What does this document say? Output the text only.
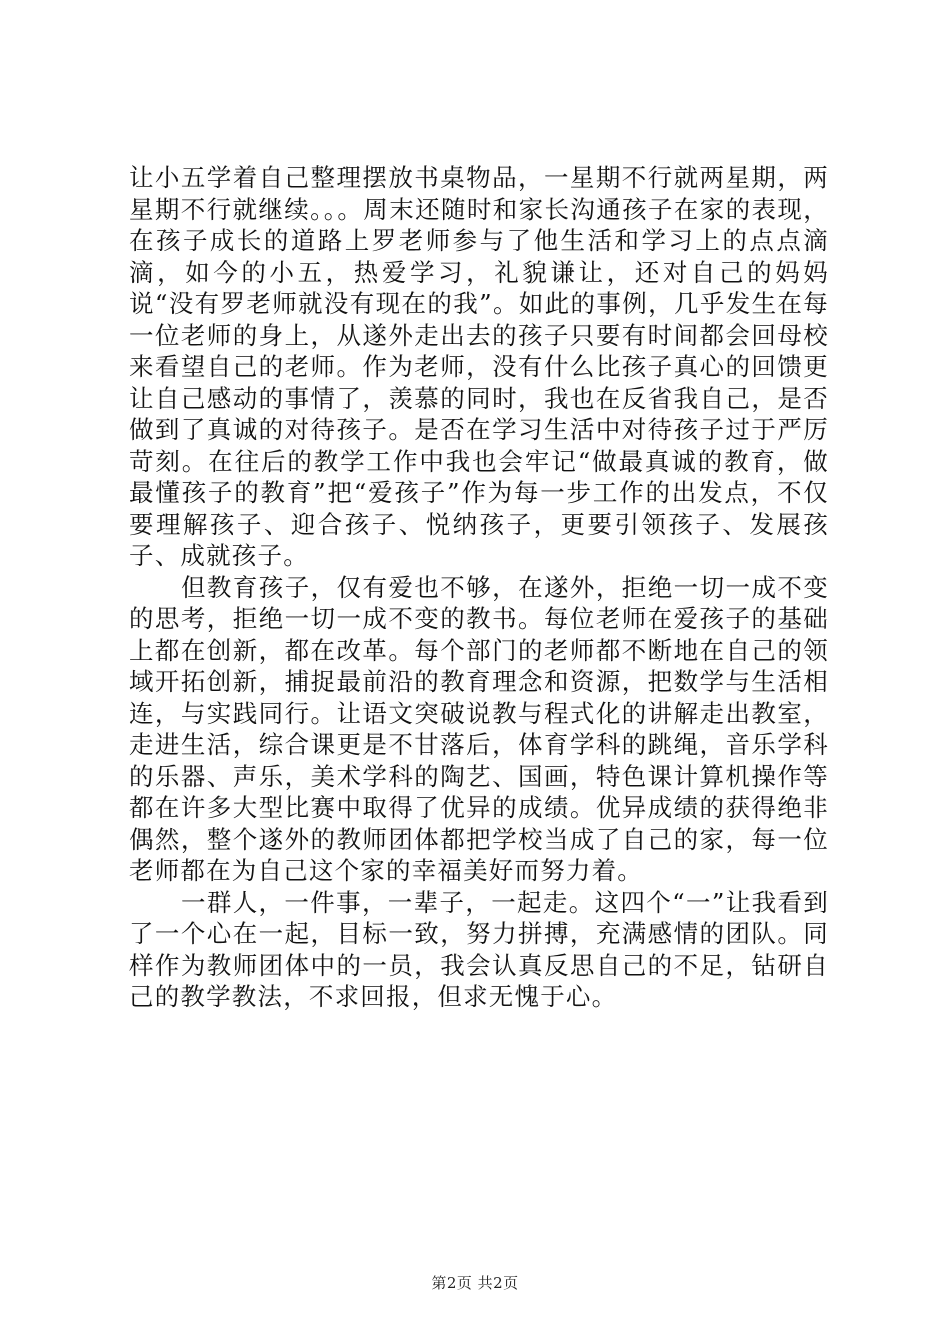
让小五学着自己整理摆放书桌物品，一星期不行就两星期，两星期不行就继续。。。周末还随时和家长沟通孩子在家的表现，在孩子成长的道路上罗老师参与了他生活和学习上的点点滴滴，如今的小五，热爱学习，礼貌谦让，还对自己的妈妈说“没有罗老师就没有现在的我”。如此的事例，几乎发生在每一位老师的身上，从遂外走出去的孩子只要有时间都会回母校来看望自己的老师。作为老师，没有什么比孩子真心的回馈更让自己感动的事情了，羡慕的同时，我也在反省我自己，是否做到了真诚的对待孩子。是否在学习生活中对待孩子过于严厉苛刻。在往后的教学工作中我也会牢记“做最真诚的教育，做最懂孩子的教育”把“爱孩子”作为每一步工作的出发点，不仅要理解孩子、迎合孩子、悦纳孩子，更要引领孩子、发展孩子、成就孩子。

但教育孩子，仅有爱也不够，在遂外，拒绝一切一成不变的思考，拒绝一切一成不变的教书。每位老师在爱孩子的基础上都在创新，都在改革。每个部门的老师都不断地在自己的领域开拓创新，捕捉最前沿的教育理念和资源，把数学与生活相连，与实践同行。让语文突破说教与程式化的讲解走出教室，走进生活，综合课更是不甘落后，体育学科的跳绳，音乐学科的乐器、声乐，美术学科的陶艺、国画，特色课计算机操作等都在许多大型比赛中取得了优异的成绩。优异成绩的获得绝非偶然，整个遂外的教师团体都把学校当成了自己的家，每一位老师都在为自己这个家的幸福美好而努力着。

一群人，一件事，一辈子，一起走。这四个“一”让我看到了一个心在一起，目标一致，努力拼搏，充满感情的团队。同样作为教师团体中的一员，我会认真反思自己的不足，钻研自己的教学教法，不求回报，但求无愧于心。

第2页 共2页
